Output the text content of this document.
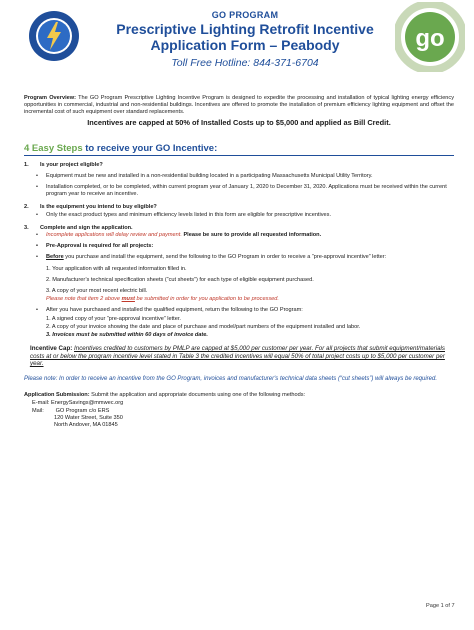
GO PROGRAM
Prescriptive Lighting Retrofit Incentive
Application Form – Peabody
Toll Free Hotline: 844-371-6704
go

Program Overview: The GO Program Prescriptive Lighting Incentive Program is designed to expedite the processing and installation of typical lighting energy efficiency opportunities in commercial, industrial and non-residential buildings. Incentives are offered to promote the installation of premium efficiency lighting equipment and offset the incremental cost of such equipment over standard replacements.

Incentives are capped at 50% of Installed Costs up to $5,000 and applied as Bill Credit.
4 Easy Steps to receive your GO Incentive:
1. Is your project eligible?
• Equipment must be new and installed in a non-residential building located in a participating Massachusetts Municipal Utility Territory.
• Installation completed, or to be completed, within current program year of January 1, 2020 to December 31, 2020. Applications must be received within the current program year to receive an incentive.
2. Is the equipment you intend to buy eligible?
• Only the exact product types and minimum efficiency levels listed in this form are eligible for prescriptive incentives.
3. Complete and sign the application.
• Incomplete applications will delay review and payment. Please be sure to provide all requested information.
• Pre-Approval is required for all projects:
• Before you purchase and install the equipment, send the following to the GO Program in order to receive a “pre-approval incentive” letter:
1. Your application with all requested information filled in.
2. Manufacturer’s technical specification sheets (“cut sheets”) for each type of eligible equipment purchased.
3. A copy of your most recent electric bill.
Please note that item 2 above must be submitted in order for you application to be processed.
• After you have purchased and installed the qualified equipment, return the following to the GO Program:
1. A signed copy of your “pre-approval incentive” letter.
2. A copy of your invoice showing the date and place of purchase and model/part numbers of the equipment installed and labor.
3. Invoices must be submitted within 60 days of invoice date.
Incentive Cap: Incentives credited to customers by PMLP are capped at $5,000 per customer per year. For all projects that submit equipment/materials costs at or below the program incentive level stated in Table 3 the credited incentives will equal 50% of total project costs up to $5,000 per customer per year.
Please note: In order to receive an incentive from the GO Program, invoices and manufacturer's technical data sheets (“cut sheets”) will always be required.
Application Submission: Submit the application and appropriate documents using one of the following methods:
E-mail: EnergySavings@mmwec.org
Mail: GO Program c/o ERS
120 Water Street, Suite 350
North Andover, MA 01845
Page 1 of 7
